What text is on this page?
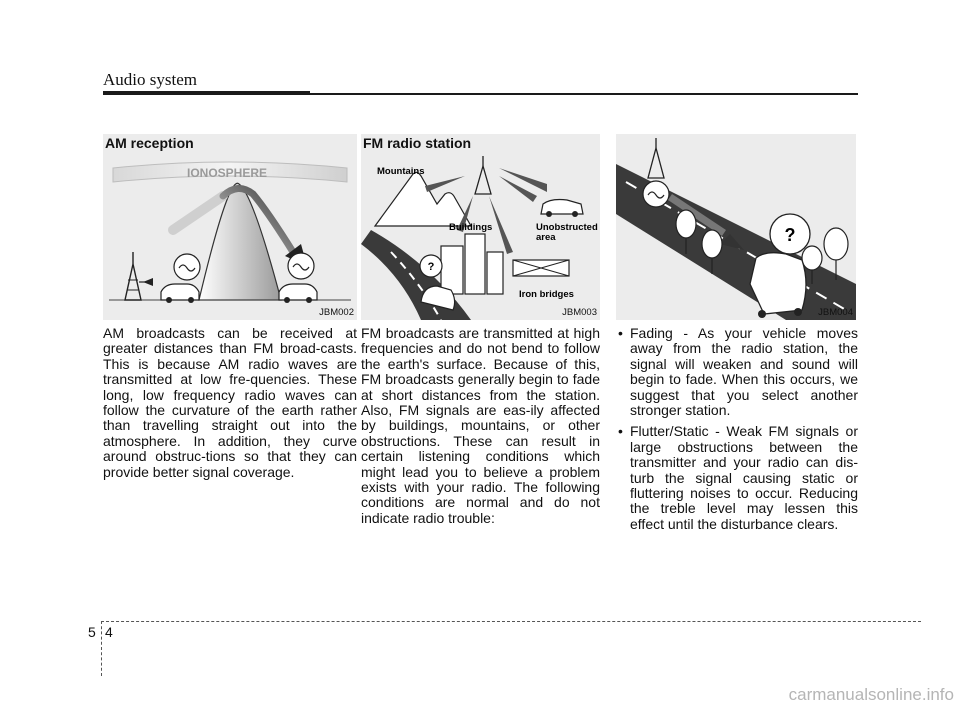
Audio system
IONOSPHERE
AM reception
JBM002
?
Mountains
Buildings	Unobstructed
area
Iron bridges
FM radio station
JBM003
?
JBM004
AM broadcasts can be received at greater distances than FM broad-casts. This is because AM radio waves are transmitted at low fre-quencies. These long, low frequency radio waves can follow the curvature of the earth rather than travelling straight out into the atmosphere. In addition, they curve around obstruc-tions so that they can provide better signal coverage.
FM broadcasts are transmitted at high frequencies and do not bend to follow the earth's surface. Because of this, FM broadcasts generally begin to fade at short distances from the station. Also, FM signals are eas-ily affected by buildings, mountains, or other obstructions. These can result in certain listening conditions which might lead you to believe a problem exists with your radio. The following conditions are normal and do not indicate radio trouble:
• Fading - As your vehicle moves away from the radio station, the signal will weaken and sound will begin to fade. When this occurs, we suggest that you select another stronger station.
• Flutter/Static - Weak FM signals or large obstructions between the transmitter and your radio can dis-turb the signal causing static or fluttering noises to occur. Reducing the treble level may lessen this effect until the disturbance clears.
5 4
carmanualsonline.info
